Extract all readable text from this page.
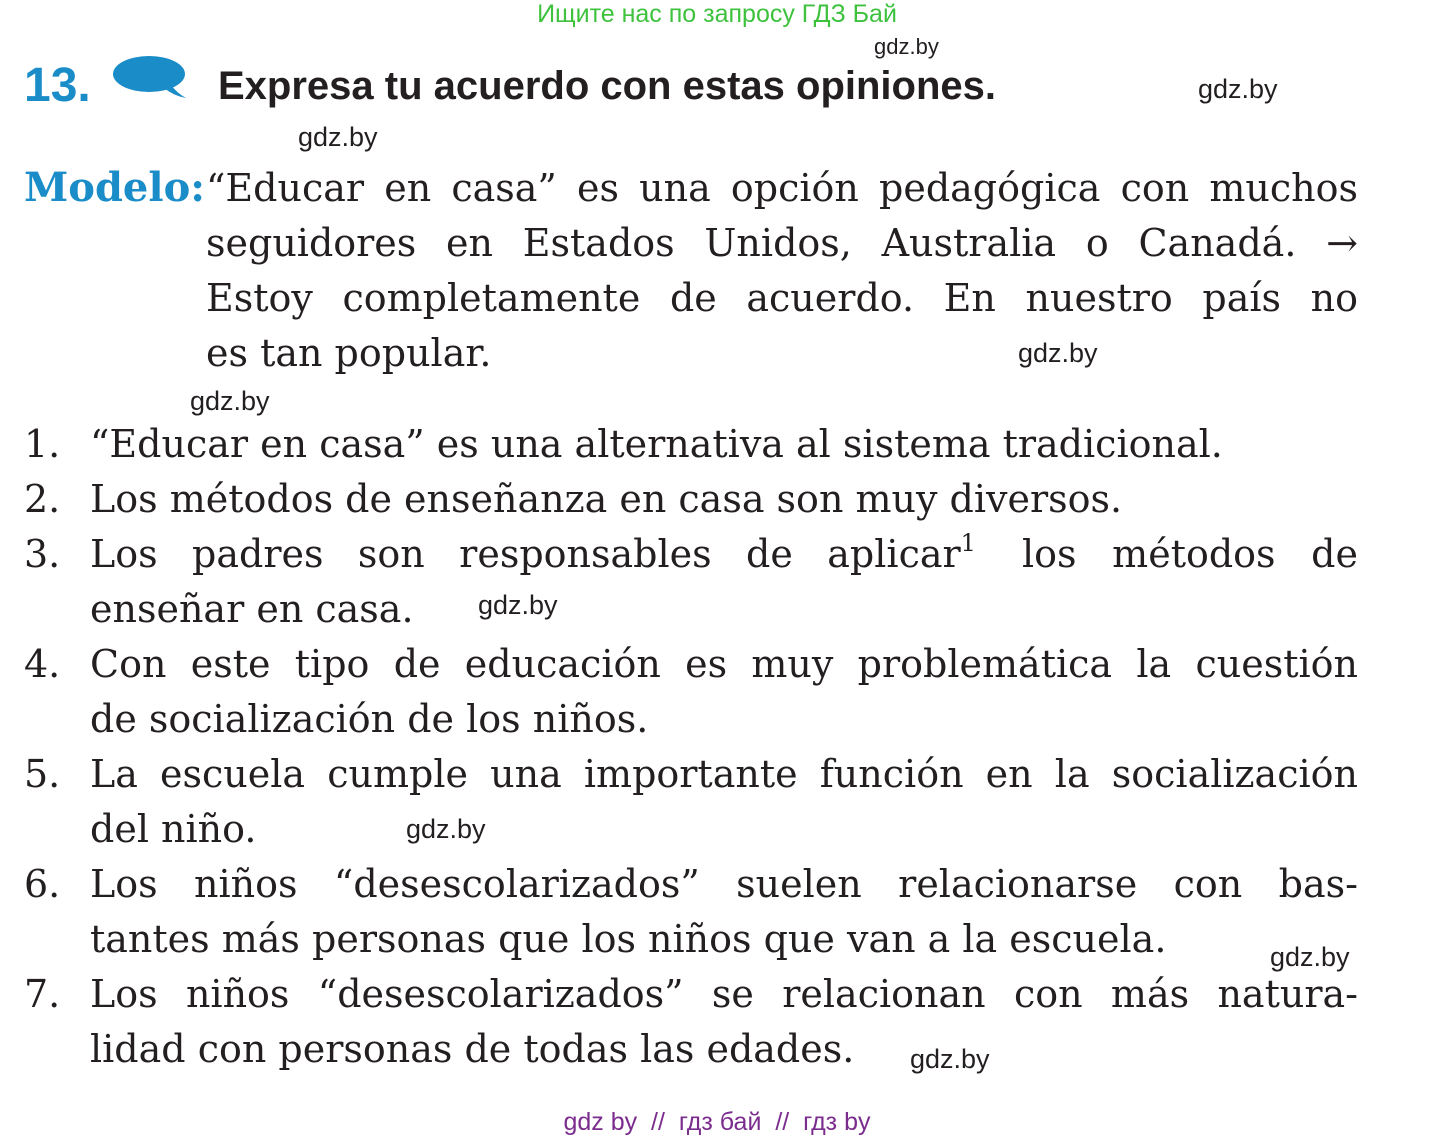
Ищите нас по запросу ГДЗ Бай
gdz.by
gdz.by
gdz.by
gdz.by
gdz.by
gdz.by
gdz.by
gdz.by
gdz.by
13.	Expresa tu acuerdo con estas opiniones.
Modelo: “Educar en casa” es una opción pedagógica con muchos
seguidores en Estados Unidos, Australia o Canadá. →
Estoy completamente de acuerdo. En nuestro país no
es tan popular.
1. “Educar en casa” es una alternativa al sistema tradicional.
2. Los métodos de enseñanza en casa son muy diversos.
3. Los padres son responsables de aplicar$^1$ los métodos de
enseñar en casa.
4. Con este tipo de educación es muy problemática la cuestión
de socialización de los niños.
5. La escuela cumple una importante función en la socialización
del niño.
6. Los niños “desescolarizados” suelen relacionarse con bas-
tantes más personas que los niños que van a la escuela.
7. Los niños “desescolarizados” se relacionan con más natura-
lidad con personas de todas las edades.
gdz by  //  гдз бай  //  гдз by
